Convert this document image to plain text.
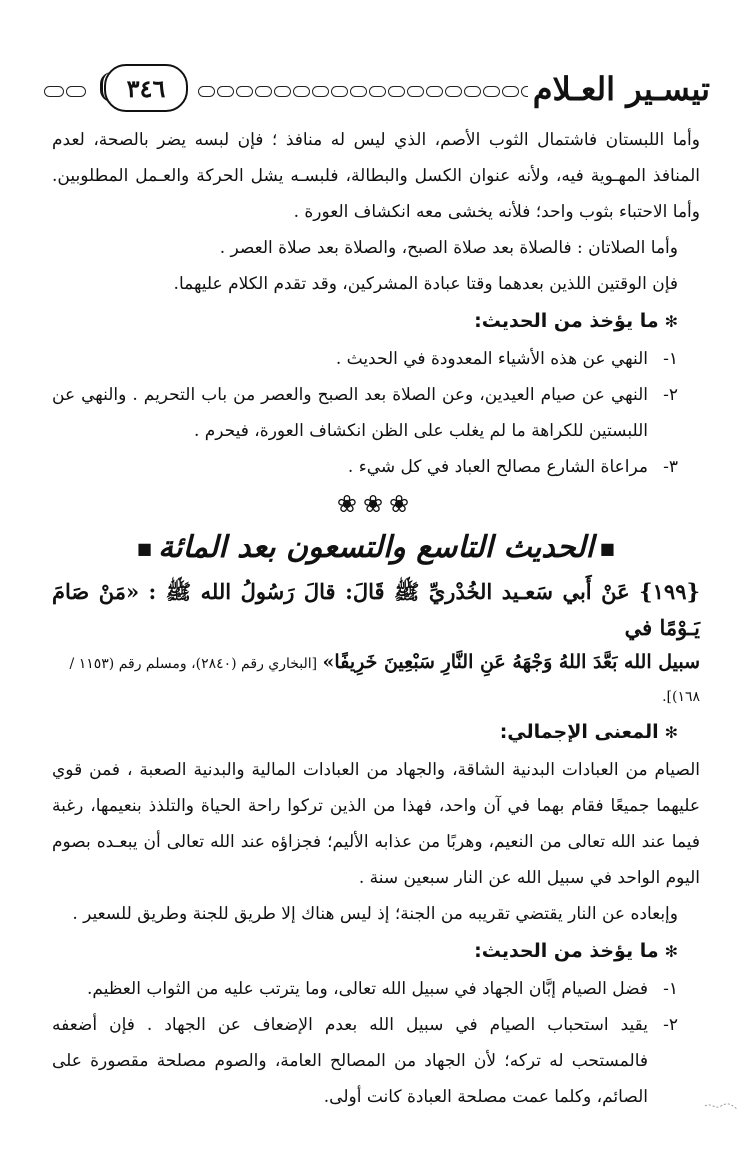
تيسـير العـلام
٣٤٦

وأما اللبستان فاشتمال الثوب الأصم، الذي ليس له منافذ ؛ فإن لبسه يضر بالصحة، لعدم المنافذ المهـوية فيه، ولأنه عنوان الكسل والبطالة، فلبسـه يشل الحركة والعـمل المطلوبين. وأما الاحتباء بثوب واحد؛ فلأنه يخشى معه انكشاف العورة .

وأما الصلاتان : فالصلاة بعد صلاة الصبح، والصلاة بعد صلاة العصر .

فإن الوقتين اللذين بعدهما وقتا عبادة المشركين، وقد تقدم الكلام عليهما.

✻ما يؤخذ من الحديث:
١-
النهي عن هذه الأشياء المعدودة في الحديث .
٢-
النهي عن صيام العيدين، وعن الصلاة بعد الصبح والعصر من باب التحريم . والنهي عن اللبستين للكراهة ما لم يغلب على الظن انكشاف العورة، فيحرم .
٣-
مراعاة الشارع مصالح العباد في كل شيء .
❀❀❀
■الحديث التاسع والتسعون بعد المائة■

{١٩٩} عَنْ أَبي سَعـيد الخُدْريِّ ﷺ قَالَ: قالَ رَسُولُ الله ﷺ : «مَنْ صَامَ يَـوْمًا في

سبيل الله بَعَّدَ اللهُ وَجْهَهُ عَنِ النَّارِ سَبْعِينَ خَرِيفًا» [البخاري رقم (٢٨٤٠)، ومسلم رقم (١١٥٣ / ١٦٨)].

✻المعنى الإجمالي:

الصيام من العبادات البدنية الشاقة، والجهاد من العبادات المالية والبدنية الصعبة ، فمن قوي عليهما جميعًا فقام بهما في آن واحد، فهذا من الذين تركوا راحة الحياة والتلذذ بنعيمها، رغبة فيما عند الله تعالى من النعيم، وهربًا من عذابه الأليم؛ فجزاؤه عند الله تعالى أن يبعـده بصوم اليوم الواحد في سبيل الله عن النار سبعين سنة .

وإبعاده عن النار يقتضي تقريبه من الجنة؛ إذ ليس هناك إلا طريق للجنة وطريق للسعير .

✻ما يؤخذ من الحديث:
١-
فضل الصيام إبَّان الجهاد في سبيل الله تعالى، وما يترتب عليه من الثواب العظيم.
٢-
يقيد استحباب الصيام في سبيل الله بعدم الإضعاف عن الجهاد . فإن أضعفه فالمستحب له تركه؛ لأن الجهاد من المصالح العامة، والصوم مصلحة مقصورة على الصائم، وكلما عمت مصلحة العبادة كانت أولى.
